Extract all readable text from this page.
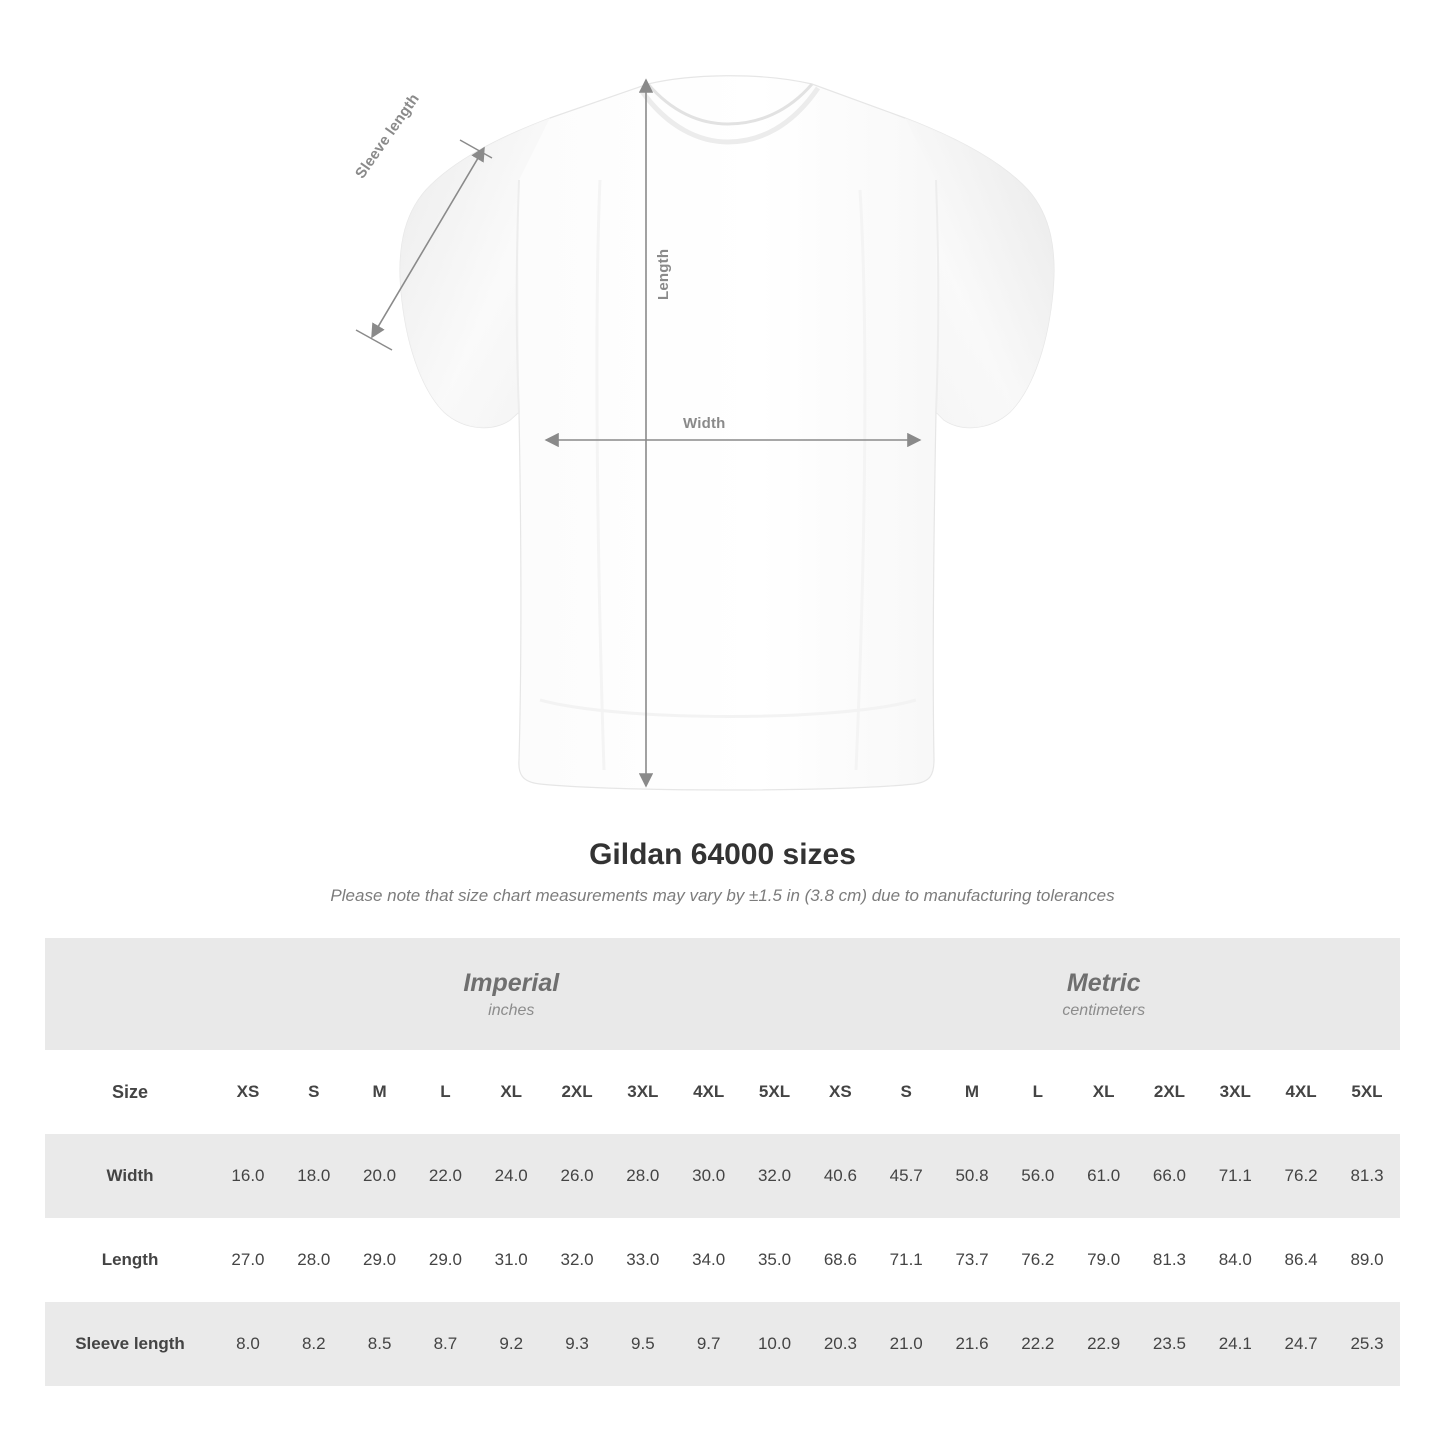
Sleeve length
Length
Width
Gildan 64000 sizes
Please note that size chart measurements may vary by ±1.5 in (3.8 cm) due to manufacturing tolerances

Imperial
inches

Metric
centimeters

Size	XS	S	M	L	XL	2XL	3XL	4XL	5XL	XS	S	M	L	XL	2XL	3XL	4XL	5XL
Width	16.0	18.0	20.0	22.0	24.0	26.0	28.0	30.0	32.0	40.6	45.7	50.8	56.0	61.0	66.0	71.1	76.2	81.3
Length	27.0	28.0	29.0	29.0	31.0	32.0	33.0	34.0	35.0	68.6	71.1	73.7	76.2	79.0	81.3	84.0	86.4	89.0
Sleeve length	8.0	8.2	8.5	8.7	9.2	9.3	9.5	9.7	10.0	20.3	21.0	21.6	22.2	22.9	23.5	24.1	24.7	25.3
